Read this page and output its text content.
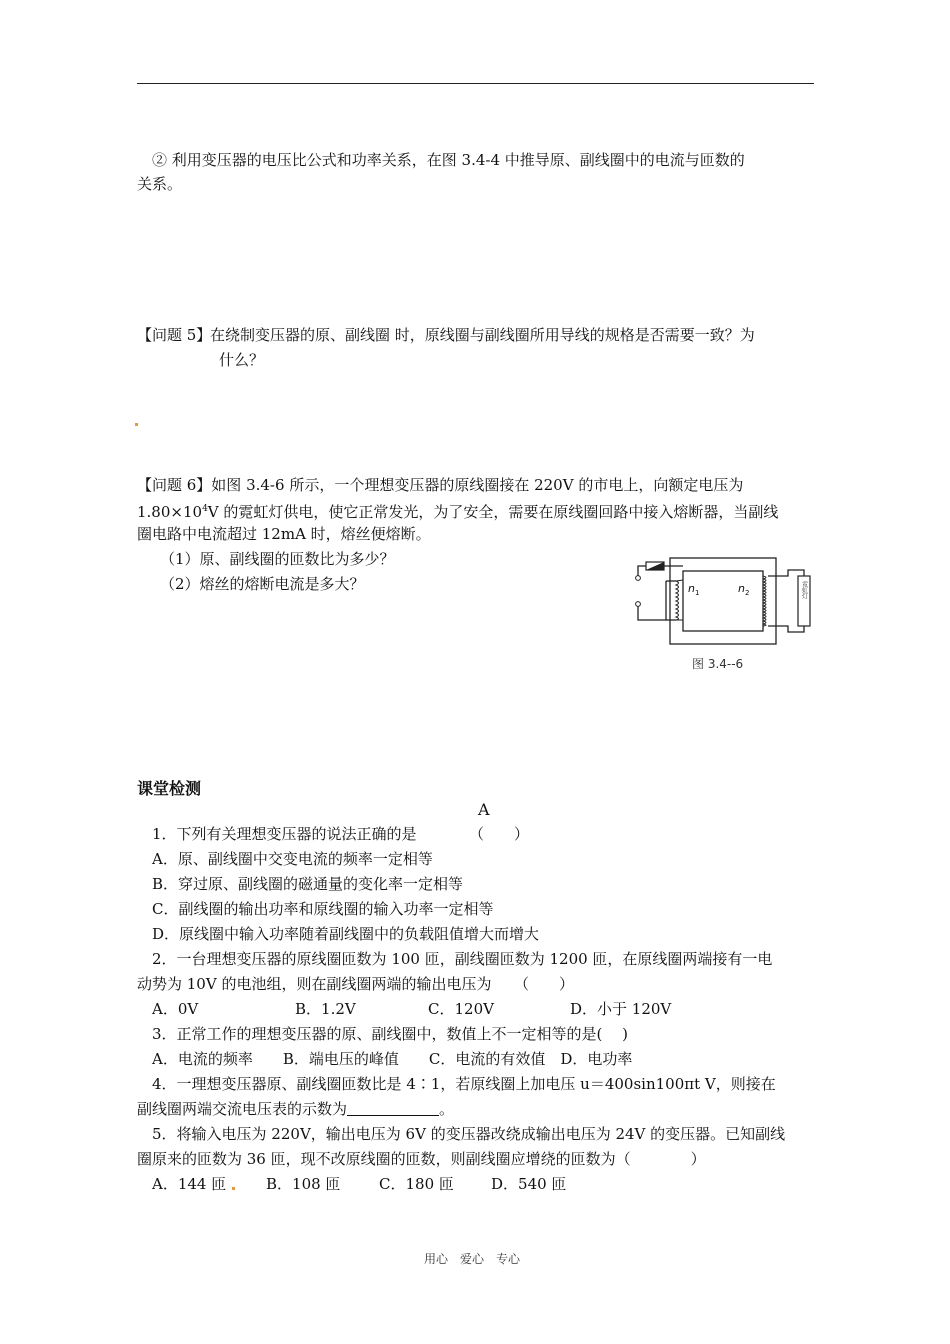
② 利用变压器的电压比公式和功率关系，在图 3.4-4 中推导原、副线圈中的电流与匝数的
关系。
【问题 5】
在绕制变压器的原、副线圈 时，原线圈与副线圈所用导线的规格是否需要一致？为
什么？
【问题 6】如图 3.4-6 所示，一个理想变压器的原线圈接在 220V 的市电上，向额定电压为
$1.80\times 10^4V$ 的霓虹灯供电，使它正常发光，为了安全，需要在原线圈回路中接入熔断器，当副线
圈电路中电流超过 12mA 时，熔丝便熔断。
（1）原、副线圈的匝数比为多少？
（2）熔丝的熔断电流是多大？	霓虹灯
$n_1$	$n_2$
图 3.4--6
课堂检测
A
1．下列有关理想变压器的说法正确的是　　　　（　　）
A．原、副线圈中交变电流的频率一定相等
B．穿过原、副线圈的磁通量的变化率一定相等
C．副线圈的输出功率和原线圈的输入功率一定相等
D．原线圈中输入功率随着副线圈中的负载阻值增大而增大
2．一台理想变压器的原线圈匝数为 100 匝，副线圈匝数为 1200 匝，在原线圈两端接有一电
动势为 10V 的电池组，则在副线圈两端的输出电压为　　（　　）
A．0V	B．1.2V	C．120V	D．小于 120V
3．正常工作的理想变压器的原、副线圈中，数值上不一定相等的是(　 )
A．电流的频率　　B．端电压的峰值　　C．电流的有效值　D．电功率
4．一理想变压器原、副线圈匝数比是 4∶1，若原线圈上加电压 u＝400sin100πt V，则接在
副线圈两端交流电压表的示数为	。
5．将输入电压为 220V，输出电压为 6V 的变压器改绕成输出电压为 24V 的变压器。已知副线
圈原来的匝数为 36 匝，现不改原线圈的匝数，则副线圈应增绕的匝数为（　　　　）
A．144 匝	B．108 匝	C．180 匝 D．540 匝
用心　爱心　专心
